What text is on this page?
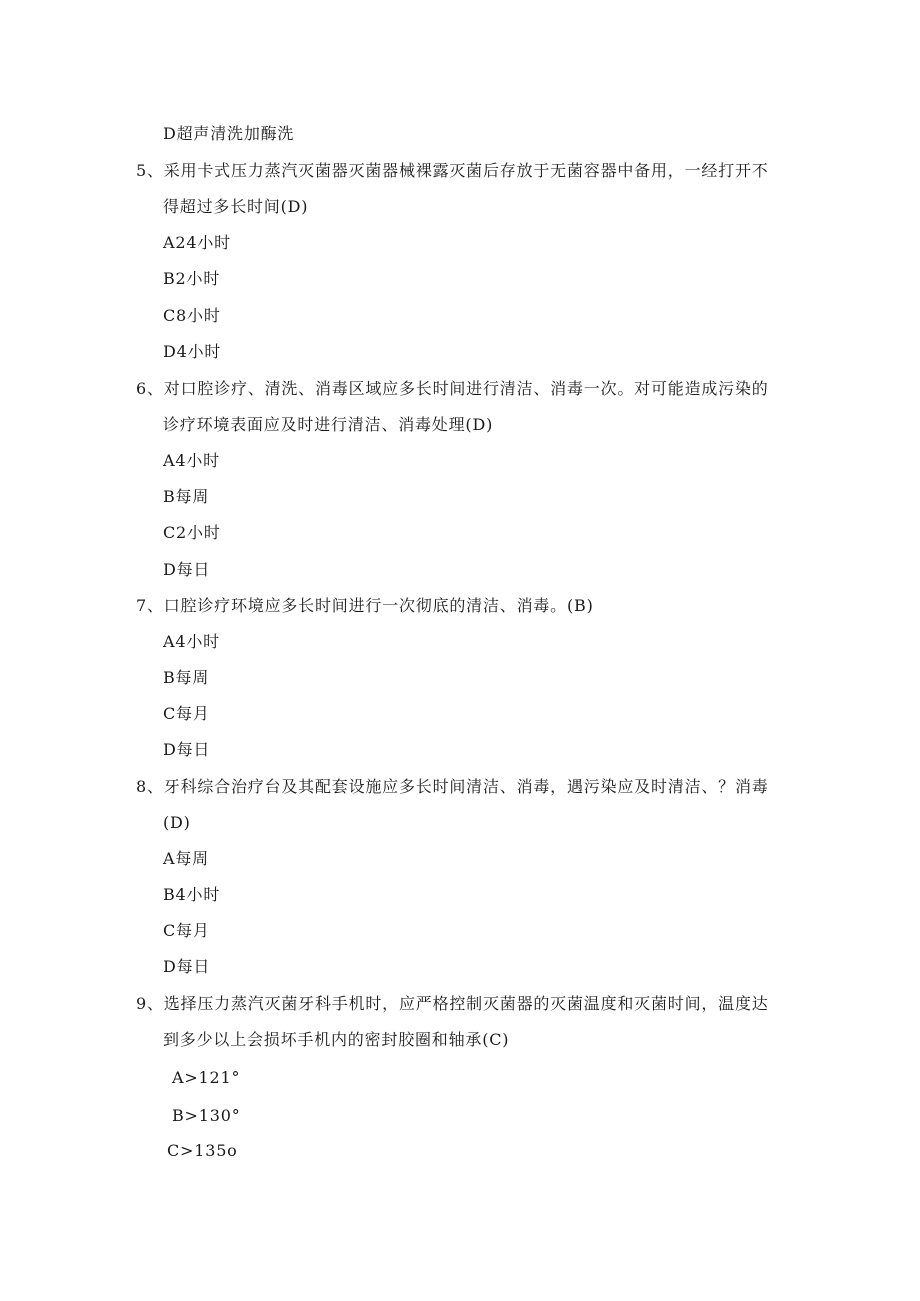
D超声清洗加酶洗
5、采用卡式压力蒸汽灭菌器灭菌器械裸露灭菌后存放于无菌容器中备用，一经打开不
得超过多长时间(D)
A24小时
B2小时
C8小时
D4小时
6、对口腔诊疗、清洗、消毒区域应多长时间进行清洁、消毒一次。对可能造成污染的
诊疗环境表面应及时进行清洁、消毒处理(D)
A4小时
B每周
C2小时
D每日
7、口腔诊疗环境应多长时间进行一次彻底的清洁、消毒。(B)
A4小时
B每周
C每月
D每日
8、牙科综合治疗台及其配套设施应多长时间清洁、消毒，遇污染应及时清洁、？消毒
(D)
A每周
B4小时
C每月
D每日
9、选择压力蒸汽灭菌牙科手机时，应严格控制灭菌器的灭菌温度和灭菌时间，温度达
到多少以上会损坏手机内的密封胶圈和轴承(C)
A>121°
B>130°
C>135o
